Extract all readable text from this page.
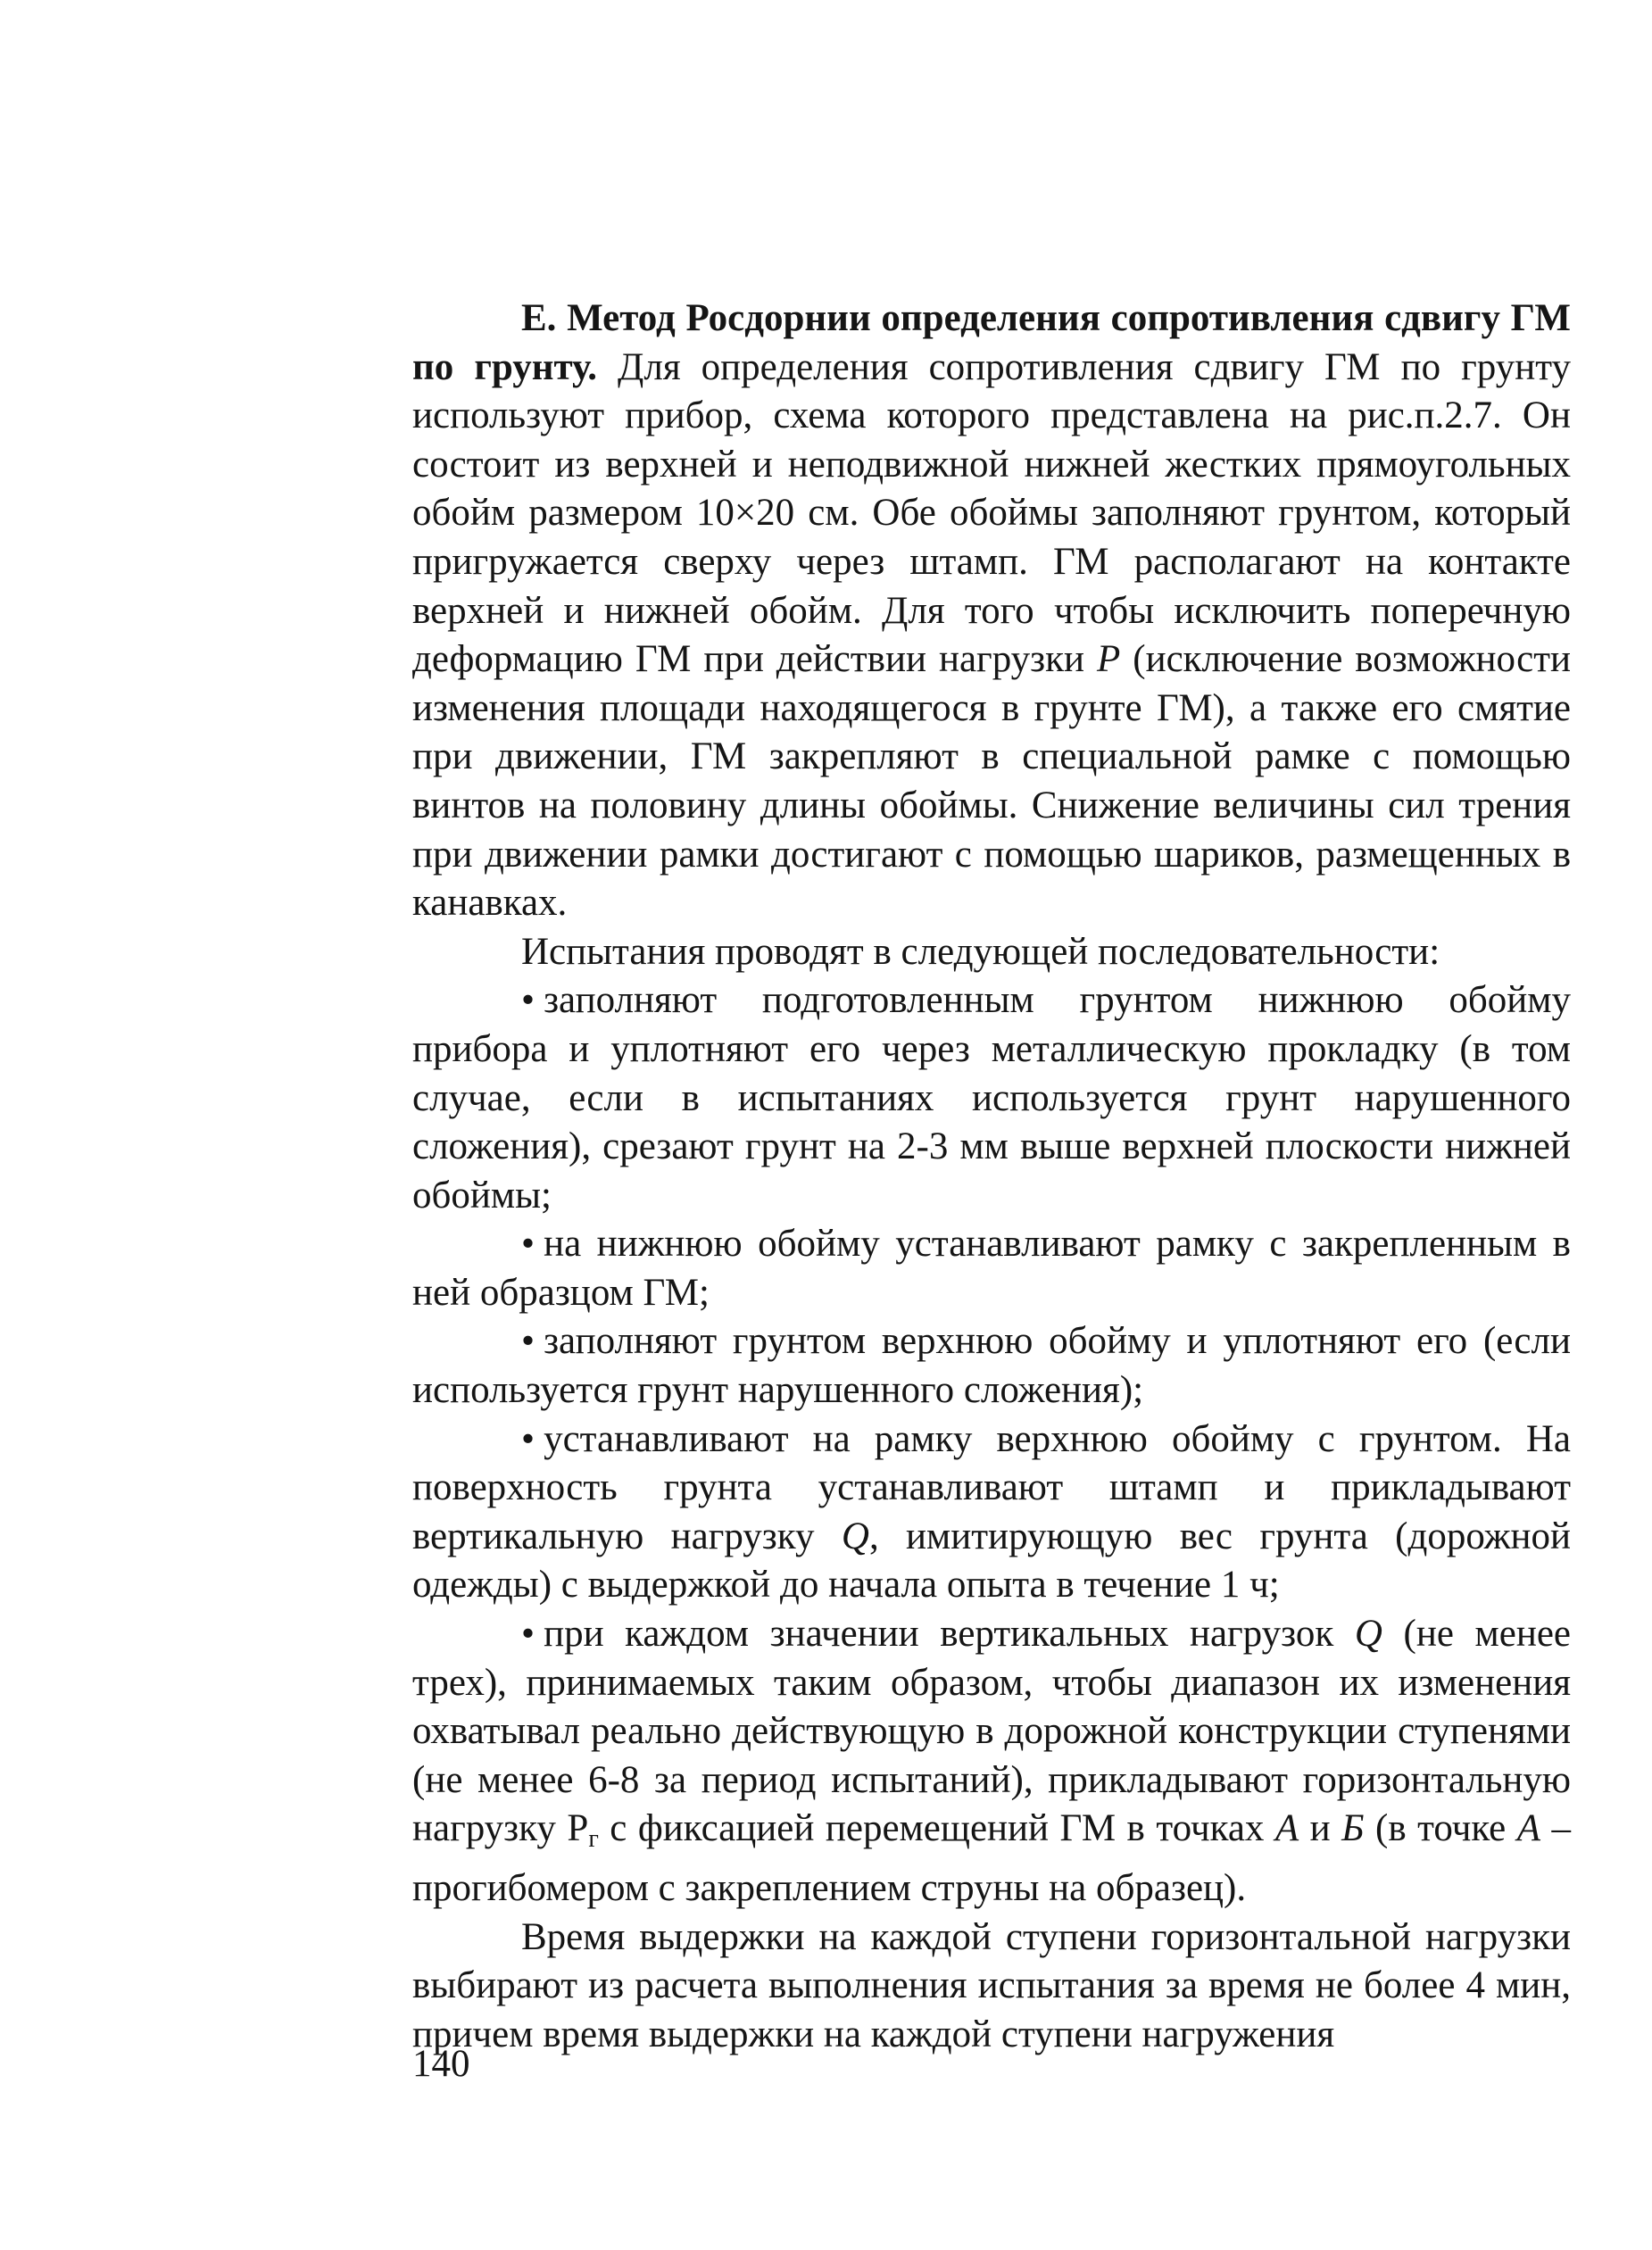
Е. Метод Росдорнии определения сопротивления сдвигу ГМ по грунту. Для определения сопротивления сдвигу ГМ по грунту используют прибор, схема которого представлена на рис.п.2.7. Он состоит из верхней и неподвижной нижней жестких прямоугольных обойм размером 10×20 см. Обе обоймы заполняют грунтом, который пригружается сверху через штамп. ГМ располагают на контакте верхней и нижней обойм. Для того чтобы исключить поперечную деформацию ГМ при действии нагрузки P (исключение возможности изменения площади находящегося в грунте ГМ), а также его смятие при движении, ГМ закрепляют в специальной рамке с помощью винтов на половину длины обоймы. Снижение величины сил трения при движении рамки достигают с помощью шариков, размещенных в канавках.

Испытания проводят в следующей последовательности:

• заполняют подготовленным грунтом нижнюю обойму прибора и уплотняют его через металлическую прокладку (в том случае, если в испытаниях используется грунт нарушенного сложения), срезают грунт на 2-3 мм выше верхней плоскости нижней обоймы;

• на нижнюю обойму устанавливают рамку с закрепленным в ней образцом ГМ;

• заполняют грунтом верхнюю обойму и уплотняют его (если используется грунт нарушенного сложения);

• устанавливают на рамку верхнюю обойму с грунтом. На поверхность грунта устанавливают штамп и прикладывают вертикальную нагрузку Q, имитирующую вес грунта (дорожной одежды) с выдержкой до начала опыта в течение 1 ч;

• при каждом значении вертикальных нагрузок Q (не менее трех), принимаемых таким образом, чтобы диапазон их изменения охватывал реально действующую в дорожной конструкции ступенями (не менее 6-8 за период испытаний), прикладывают горизонтальную нагрузку $P_г$ с фиксацией перемещений ГМ в точках А и Б (в точке А – прогибомером с закреплением струны на образец).

Время выдержки на каждой ступени горизонтальной нагрузки выбирают из расчета выполнения испытания за время не более 4 мин, причем время выдержки на каждой ступени нагружения

140
